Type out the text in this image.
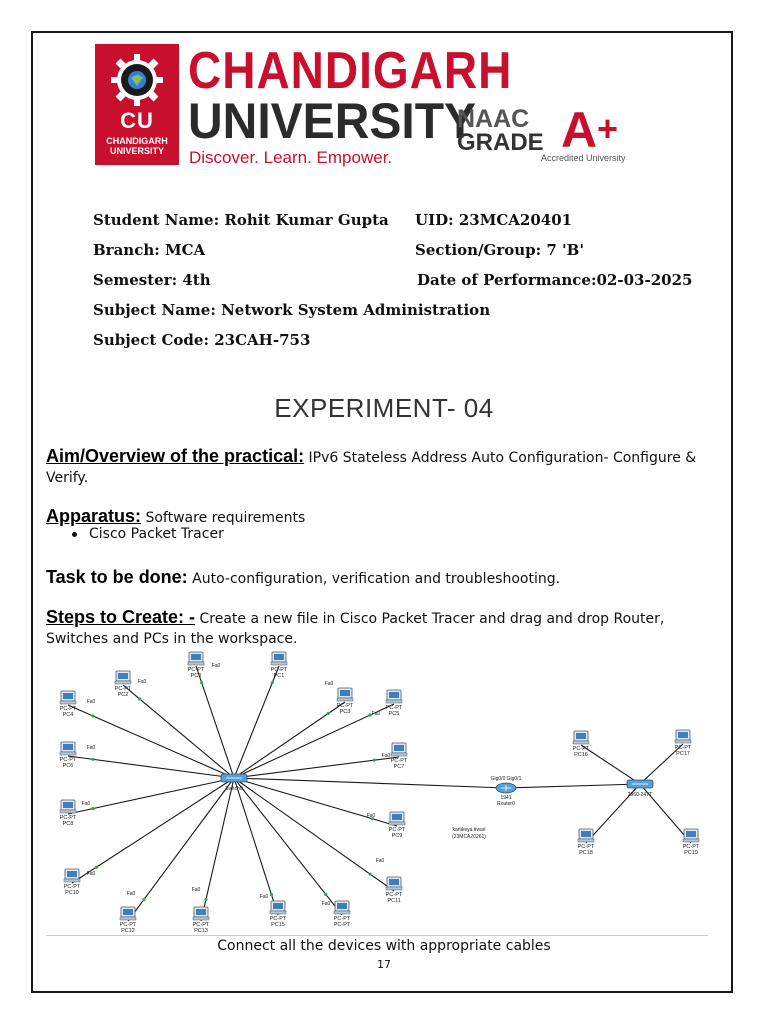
CU
CHANDIGARH
UNIVERSITY
CHANDIGARH
UNIVERSITY
Discover. Learn. Empower.
NAAC
GRADE A +
Accredited University
Student Name: Rohit Kumar Gupta UID: 23MCA20401
Branch: MCA	Section/Group: 7 'B'
Semester: 4th	Date of Performance:02-03-2025
Subject Name: Network System Administration
Subject Code: 23CAH-753
EXPERIMENT- 04
Aim/Overview of the practical: IPv6 Stateless Address Auto Configuration- Configure & Verify.
Apparatus: Software requirements
Cisco Packet Tracer
Task to be done: Auto-configuration, verification and troubleshooting.
Steps to Create: - Create a new file in Cisco Packet Tracer and drag and drop Router, Switches and PCs in the workspace.
PC-PT
PC0
PC-PT
PC1
PC-PT
PC2
PC-PT
PC3
PC-PT
PC4
PC-PT
PC5
PC-PT
PC6
PC-PT
PC7
PC-PT
PC8
PC-PT
PC9
PC-PT
PC10	PC-PT
PC11
PC-PT
PC12
PC-PT
PC13
PC-PT
PC15
PC-PT
PC-PT
PC-PT
PC16
PC-PT
PC17
PC-PT
PC18
PC-PT
PC19
Fa0
Fa0
Fa0
Fa0
Fa0
Fa0
Fa0
Fa0
Fa0
Fa0
Fa0
Fa0
Fa0
Fa0
Fa0
Switch0
2960-24TT
1941
Router0
Gig0/0 Gig0/1
kartikeya tiwari
(23MCA20261)
Connect all the devices with appropriate cables
17
